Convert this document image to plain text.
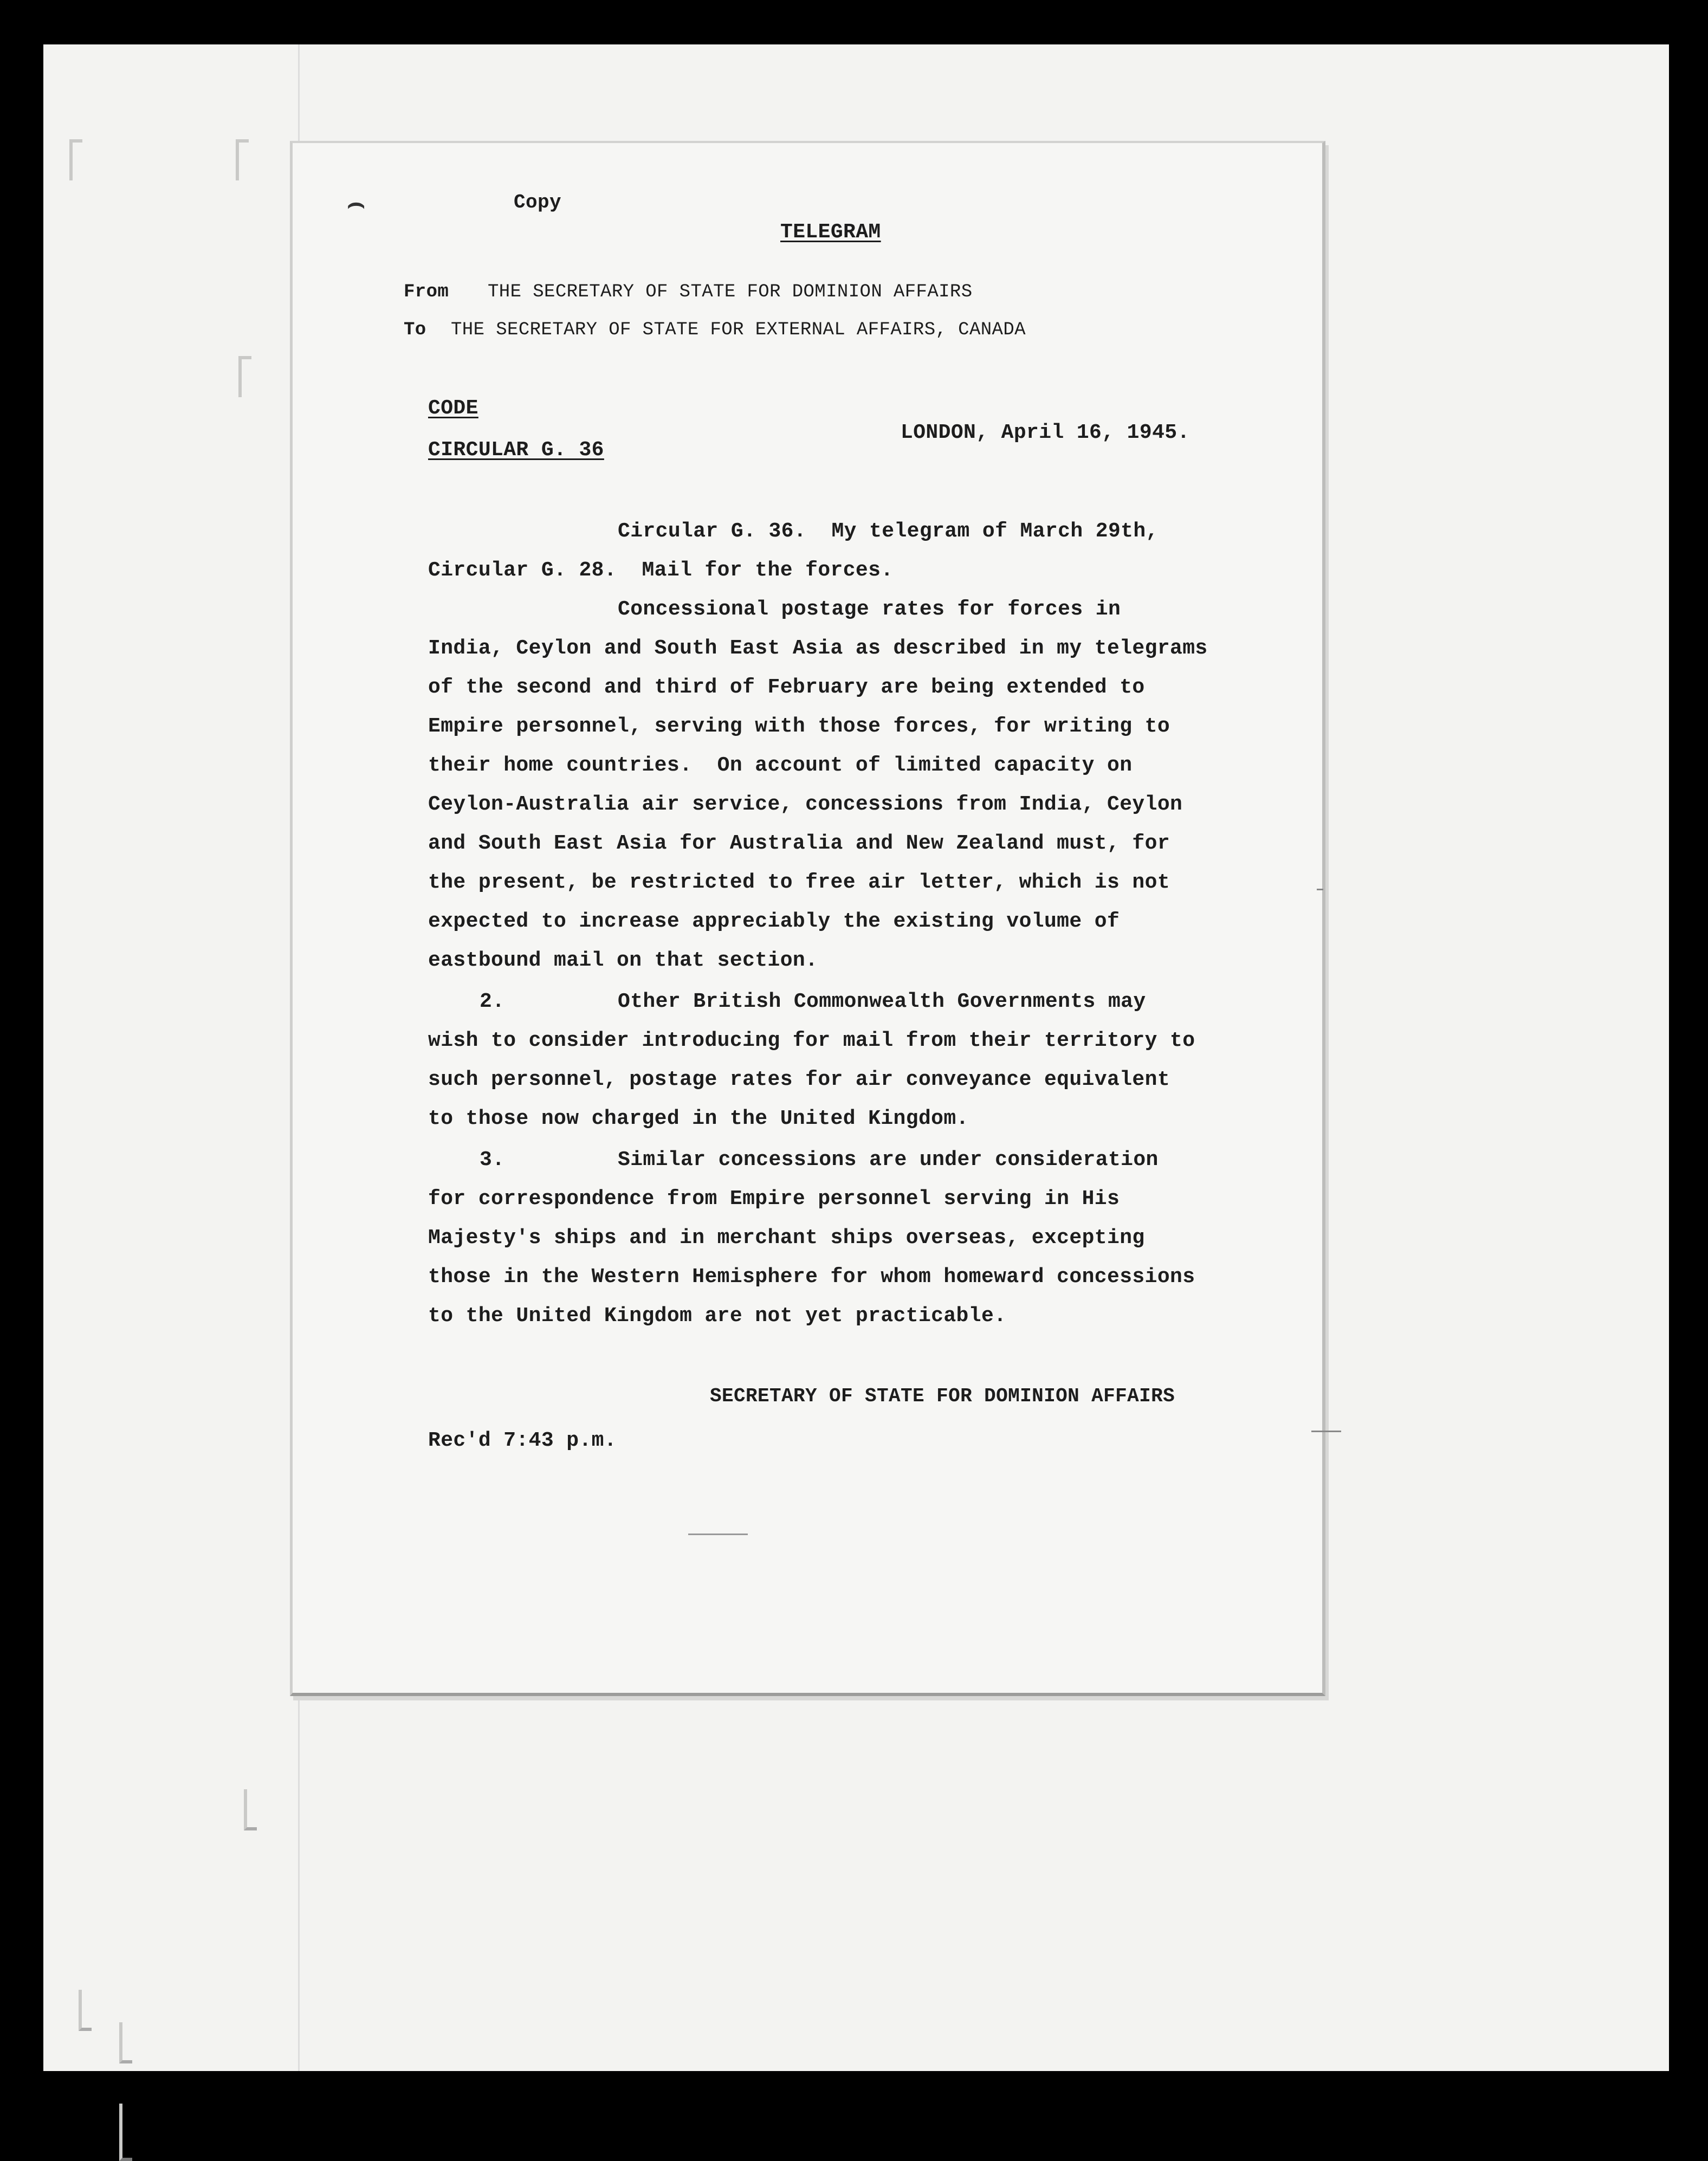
⌢	Copy
TELEGRAM
From THE SECRETARY OF STATE FOR DOMINION AFFAIRS
To THE SECRETARY OF STATE FOR EXTERNAL AFFAIRS, CANADA
CODE
CIRCULAR G. 36
LONDON, April 16, 1945.
Circular G. 36.  My telegram of March 29th,
Circular G. 28.  Mail for the forces.
Concessional postage rates for forces in
India, Ceylon and South East Asia as described in my telegrams
of the second and third of February are being extended to
Empire personnel, serving with those forces, for writing to
their home countries.  On account of limited capacity on
Ceylon-Australia air service, concessions from India, Ceylon
and South East Asia for Australia and New Zealand must, for
the present, be restricted to free air letter, which is not
expected to increase appreciably the existing volume of
eastbound mail on that section.
2.	Other British Commonwealth Governments may
wish to consider introducing for mail from their territory to
such personnel, postage rates for air conveyance equivalent
to those now charged in the United Kingdom.
3.	Similar concessions are under consideration
for correspondence from Empire personnel serving in His
Majesty's ships and in merchant ships overseas, excepting
those in the Western Hemisphere for whom homeward concessions
to the United Kingdom are not yet practicable.
SECRETARY OF STATE FOR DOMINION AFFAIRS
Rec'd 7:43 p.m.
